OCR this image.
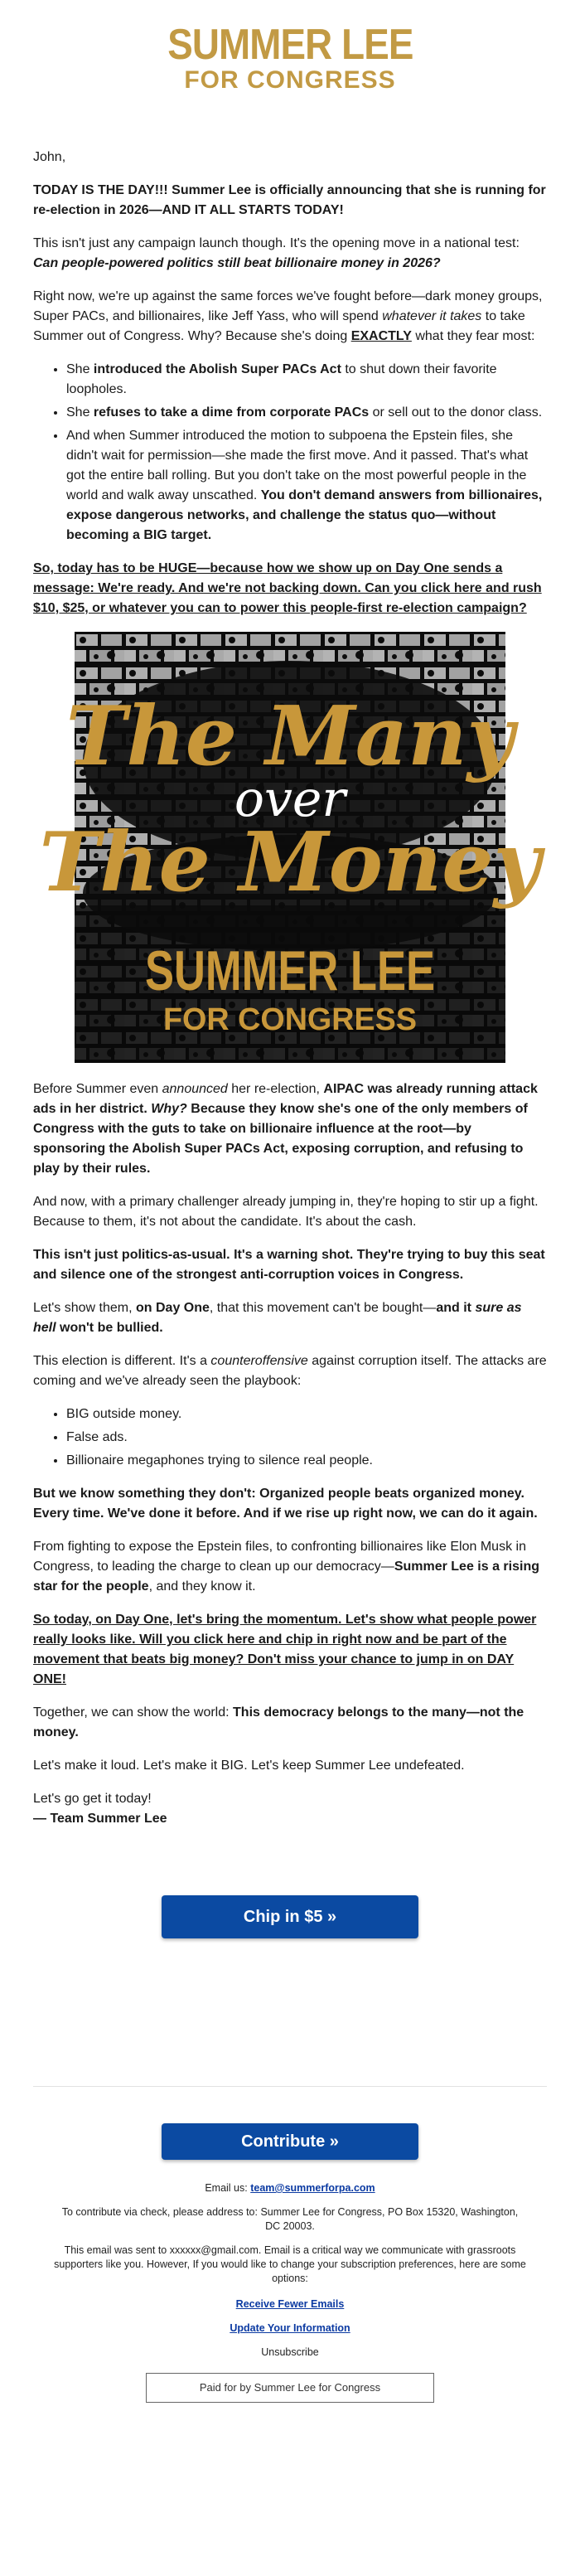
SUMMER LEE
FOR CONGRESS

John,

TODAY IS THE DAY!!! Summer Lee is officially announcing that she is running for re-election in 2026—AND IT ALL STARTS TODAY!

This isn't just any campaign launch though. It's the opening move in a national test: Can people-powered politics still beat billionaire money in 2026?

Right now, we're up against the same forces we've fought before—dark money groups, Super PACs, and billionaires, like Jeff Yass, who will spend whatever it takes to take Summer out of Congress. Why? Because she's doing EXACTLY what they fear most:

• She introduced the Abolish Super PACs Act to shut down their favorite loopholes.
• She refuses to take a dime from corporate PACs or sell out to the donor class.
• And when Summer introduced the motion to subpoena the Epstein files, she didn't wait for permission—she made the first move. And it passed. That's what got the entire ball rolling. But you don't take on the most powerful people in the world and walk away unscathed. You don't demand answers from billionaires, expose dangerous networks, and challenge the status quo—without becoming a BIG target.

So, today has to be HUGE—because how we show up on Day One sends a message: We're ready. And we're not backing down. Can you click here and rush $10, $25, or whatever you can to power this people-first re-election campaign?

The Many
over
The Money
SUMMER LEE
FOR CONGRESS

Before Summer even announced her re-election, AIPAC was already running attack ads in her district. Why? Because they know she's one of the only members of Congress with the guts to take on billionaire influence at the root—by sponsoring the Abolish Super PACs Act, exposing corruption, and refusing to play by their rules.

And now, with a primary challenger already jumping in, they're hoping to stir up a fight. Because to them, it's not about the candidate. It's about the cash.

This isn't just politics-as-usual. It's a warning shot. They're trying to buy this seat and silence one of the strongest anti-corruption voices in Congress.

Let's show them, on Day One, that this movement can't be bought—and it sure as hell won't be bullied.

This election is different. It's a counteroffensive against corruption itself. The attacks are coming and we've already seen the playbook:

• BIG outside money.
• False ads.
• Billionaire megaphones trying to silence real people.

But we know something they don't: Organized people beats organized money. Every time. We've done it before. And if we rise up right now, we can do it again.

From fighting to expose the Epstein files, to confronting billionaires like Elon Musk in Congress, to leading the charge to clean up our democracy—Summer Lee is a rising star for the people, and they know it.

So today, on Day One, let's bring the momentum. Let's show what people power really looks like. Will you click here and chip in right now and be part of the movement that beats big money? Don't miss your chance to jump in on DAY ONE!

Together, we can show the world: This democracy belongs to the many—not the money.

Let's make it loud. Let's make it BIG. Let's keep Summer Lee undefeated.

Let's go get it today!
— Team Summer Lee

Chip in $5 »
Contribute »
Email us: team@summerforpa.com
To contribute via check, please address to: Summer Lee for Congress, PO Box 15320, Washington, DC 20003.
This email was sent to xxxxxx@gmail.com. Email is a critical way we communicate with grassroots supporters like you. However, If you would like to change your subscription preferences, here are some options:
Receive Fewer Emails
Update Your Information
Unsubscribe
Paid for by Summer Lee for Congress
